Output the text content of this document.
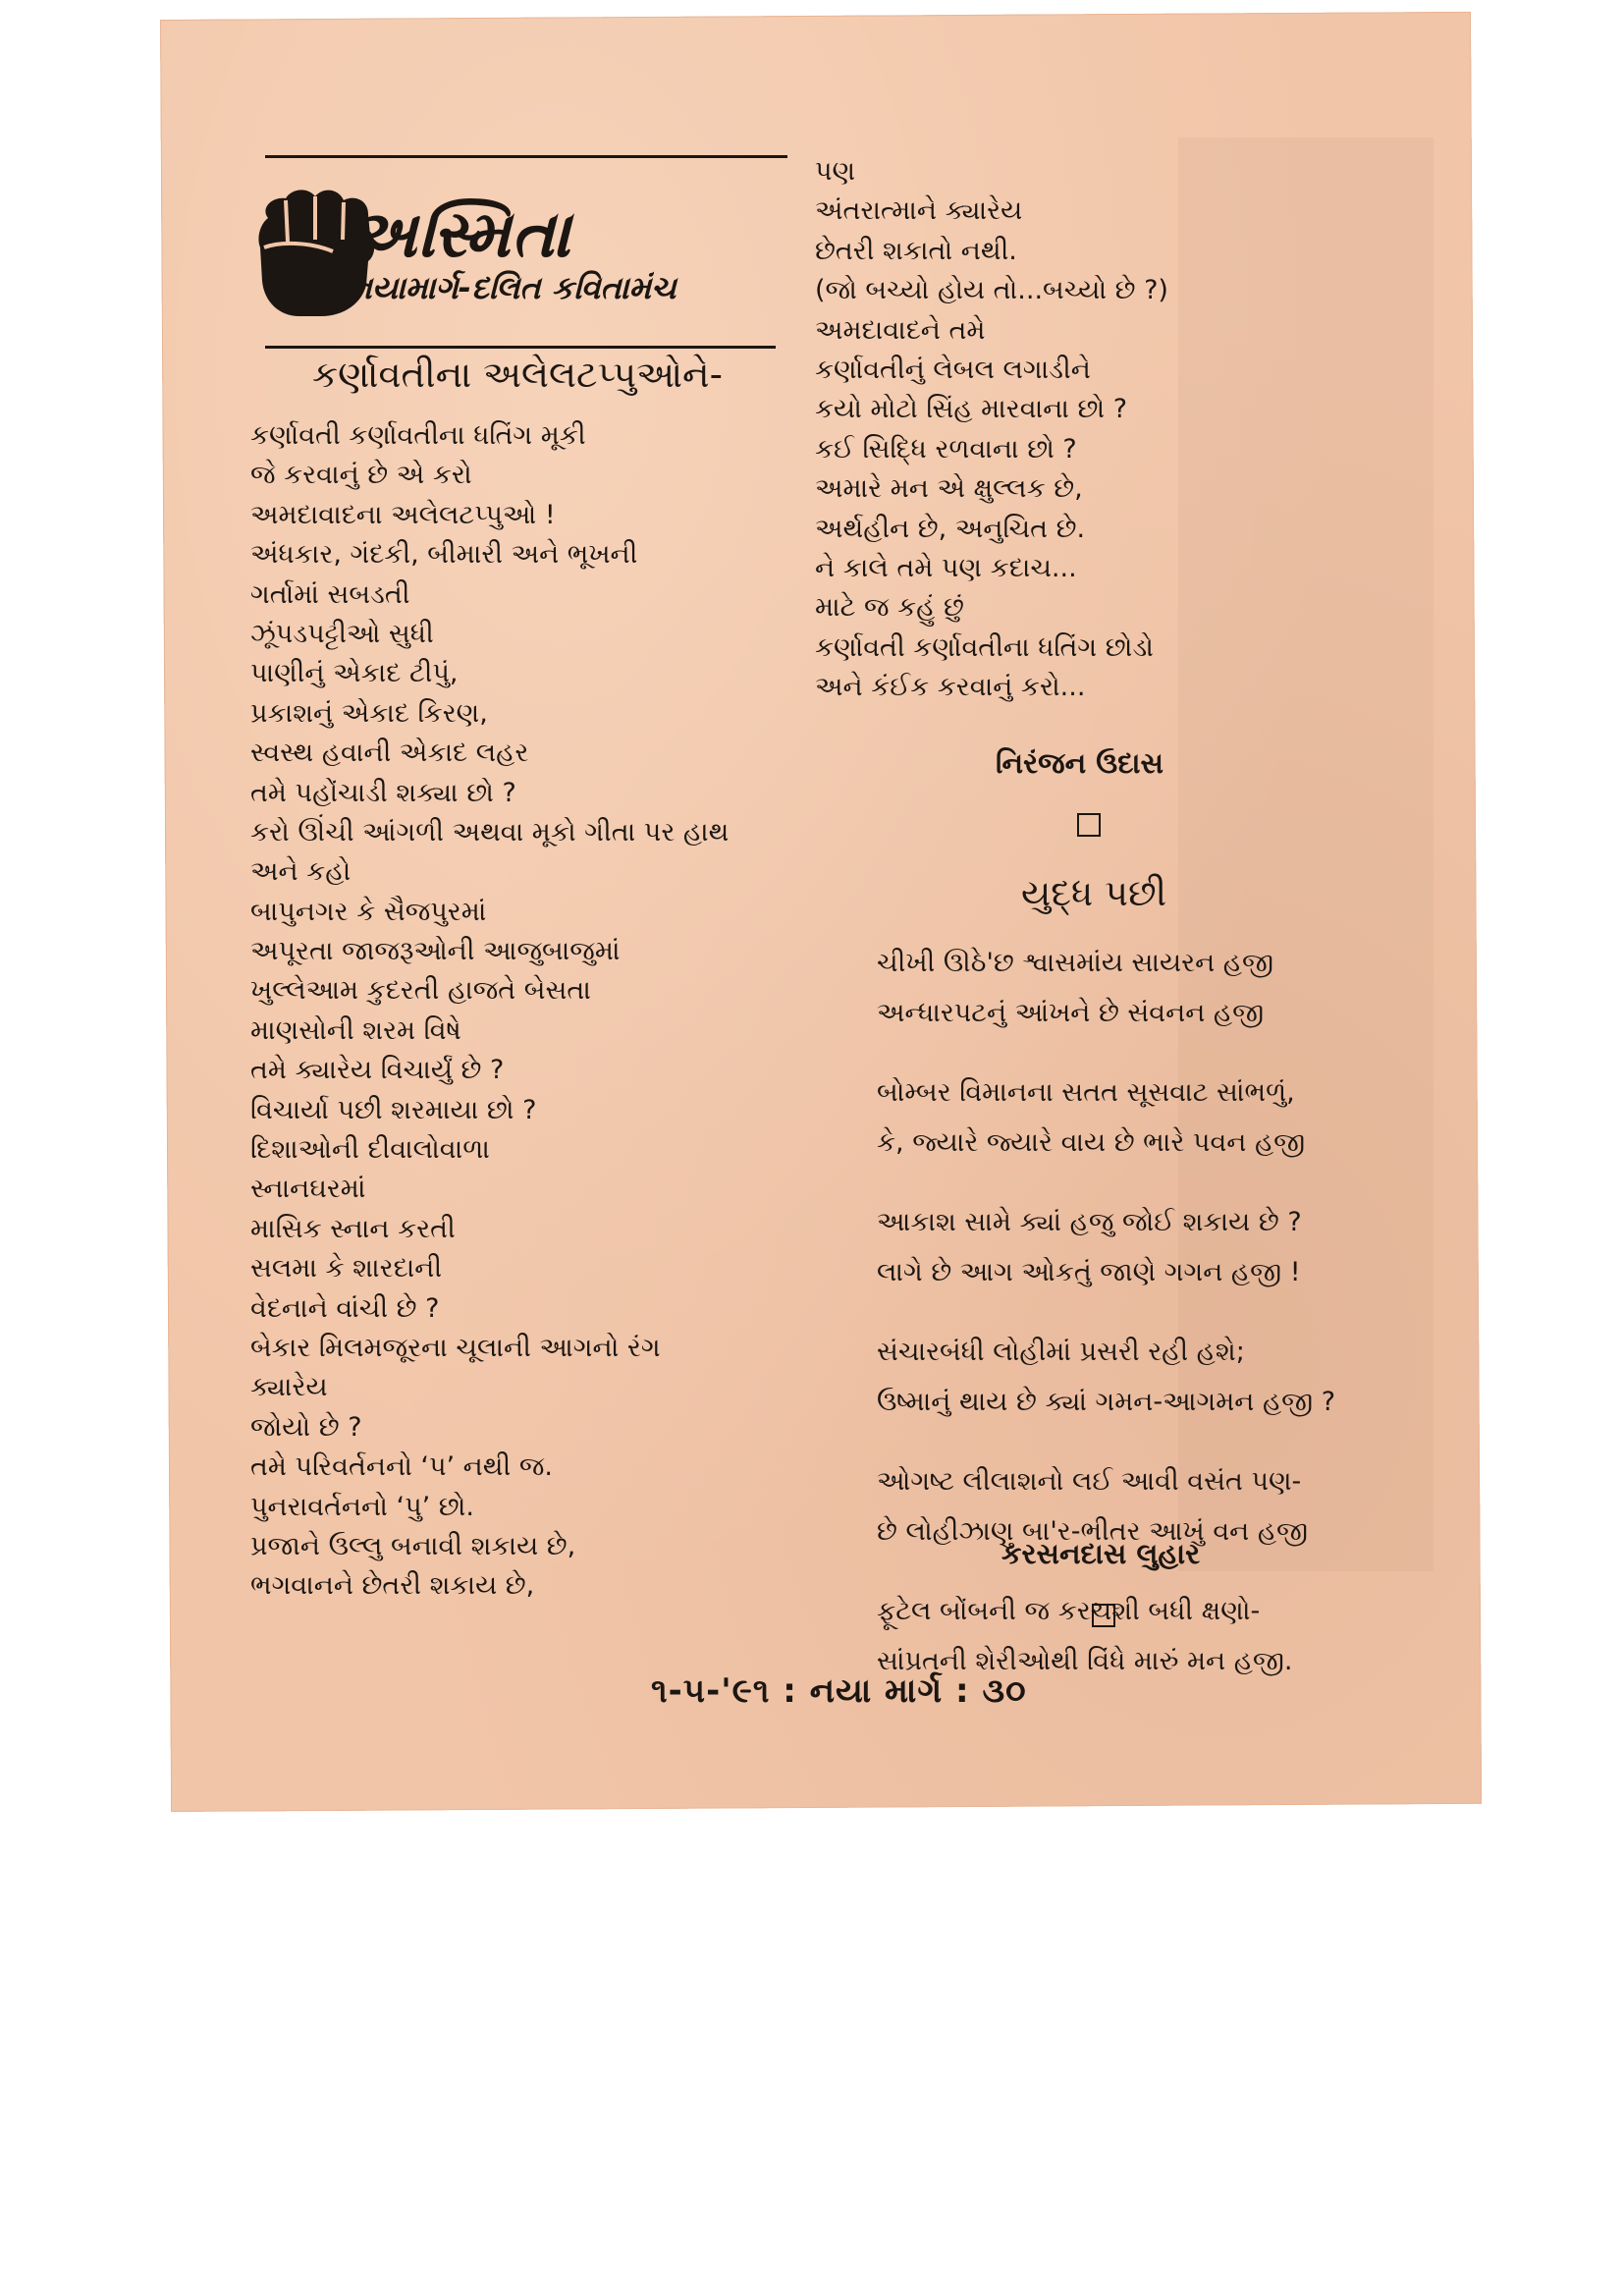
અસ્મિતા
નયામાર્ગ-દલિત કવિતામંચ
કર્ણાવતીના અલેલટપ્પુઓને-
કર્ણાવતી કર્ણાવતીના ધતિંગ મૂકી
જે કરવાનું છે એ કરો
અમદાવાદના અલેલટપ્પુઓ !
અંધકાર, ગંદકી, બીમારી અને ભૂખની
ગર્તામાં સબડતી
ઝૂંપડપટ્ટીઓ સુધી
પાણીનું એકાદ ટીપું,
પ્રકાશનું એકાદ કિરણ,
સ્વસ્થ હવાની એકાદ લહર
તમે પહોંચાડી શક્યા છો ?
કરો ઊંચી આંગળી અથવા મૂકો ગીતા પર હાથ
અને કહો
બાપુનગર કે સૈજપુરમાં
અપૂરતા જાજરૂઓની આજુબાજુમાં
ખુલ્લેઆમ કુદરતી હાજતે બેસતા
માણસોની શરમ વિષે
તમે ક્યારેય વિચાર્યું છે ?
વિચાર્યા પછી શરમાયા છો ?
દિશાઓની દીવાલોવાળા
સ્નાનઘરમાં
માસિક સ્નાન કરતી
સલમા કે શારદાની
વેદનાને વાંચી છે ?
બેકાર મિલમજૂરના ચૂલાની આગનો રંગ
ક્યારેય
જોયો છે ?
તમે પરિવર્તનનો ‘પ’ નથી જ.
પુનરાવર્તનનો ‘પુ’ છો.
પ્રજાને ઉલ્લુ બનાવી શકાય છે,
ભગવાનને છેતરી શકાય છે,
પણ
અંતરાત્માને ક્યારેય
છેતરી શકાતો નથી.
(જો બચ્યો હોય તો...બચ્યો છે ?)
અમદાવાદને તમે
કર્ણાવતીનું લેબલ લગાડીને
કયો મોટો સિંહ મારવાના છો ?
કઈ સિદ્ધિ રળવાના છો ?
અમારે મન એ ક્ષુલ્લક છે,
અર્થહીન છે, અનુચિત છે.
ને કાલે તમે પણ કદાચ...
માટે જ કહું છું
કર્ણાવતી કર્ણાવતીના ધતિંગ છોડો
અને કંઈક કરવાનું કરો...
નિરંજન ઉદાસ
યુદ્ધ પછી
ચીખી ઊઠે'છ શ્વાસમાંય સાયરન હજી
અન્ધારપટનું આંખને છે સંવનન હજી
બોમ્બર વિમાનના સતત સૂસવાટ સાંભળું,
કે, જ્યારે જ્યારે વાય છે ભારે પવન હજી
આકાશ સામે ક્યાં હજુ જોઈ શકાય છે ?
લાગે છે આગ ઓકતું જાણે ગગન હજી !
સંચારબંધી લોહીમાં પ્રસરી રહી હશે;
ઉષ્માનું થાય છે ક્યાં ગમન-આગમન હજી ?
ઓગષ્ટ લીલાશનો લઈ આવી વસંત પણ-
છે લોહીઝાણુ બા'ર-ભીતર આખું વન હજી
ફૂટેલ બોંબની જ કરચશી બધી ક્ષણો-
સાંપ્રતની શેરીઓથી વિંધે મારું મન હજી.
કરસનદાસ લુહાર
૧-૫-'૯૧ : નયા માર્ગ : ૩૦
